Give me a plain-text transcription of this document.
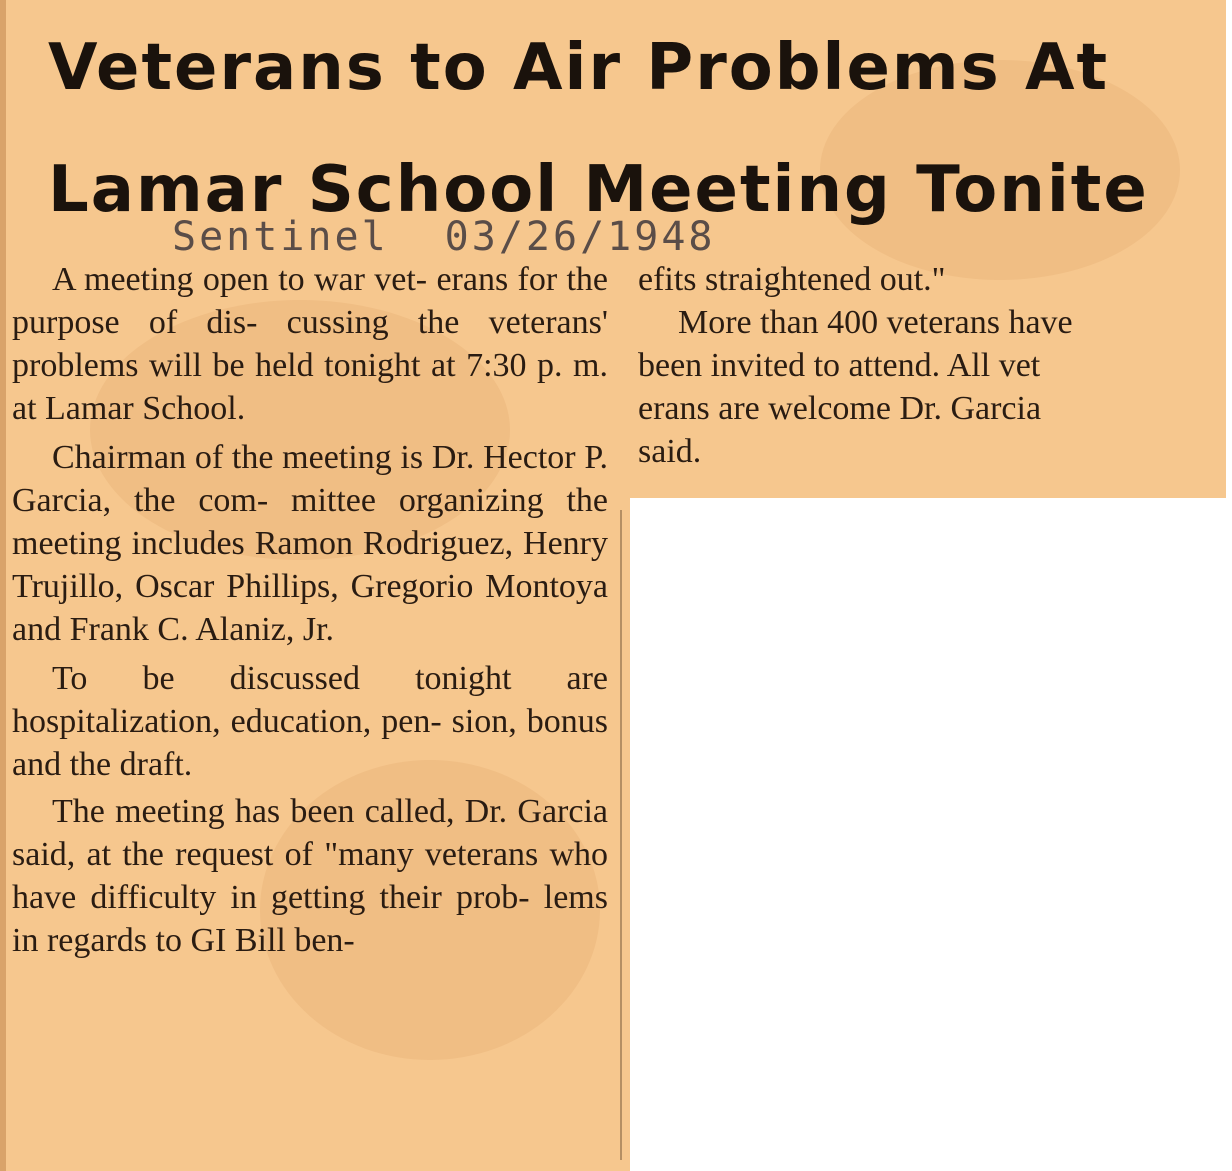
Veterans to Air Problems At
Lamar School Meeting Tonite
Sentinel 03/26/1948

A meeting open to war vet- erans for the purpose of dis- cussing the veterans' problems will be held tonight at 7:30 p. m. at Lamar School.

Chairman of the meeting is Dr. Hector P. Garcia, the com- mittee organizing the meeting includes Ramon Rodriguez, Henry Trujillo, Oscar Phillips, Gregorio Montoya and Frank C. Alaniz, Jr.

To be discussed tonight are hospitalization, education, pen- sion, bonus and the draft.

The meeting has been called, Dr. Garcia said, at the request of "many veterans who have difficulty in getting their prob- lems in regards to GI Bill ben-

efits straightened out."

More than 400 veterans have

been invited to attend. All vet

erans are welcome Dr. Garcia

said.
